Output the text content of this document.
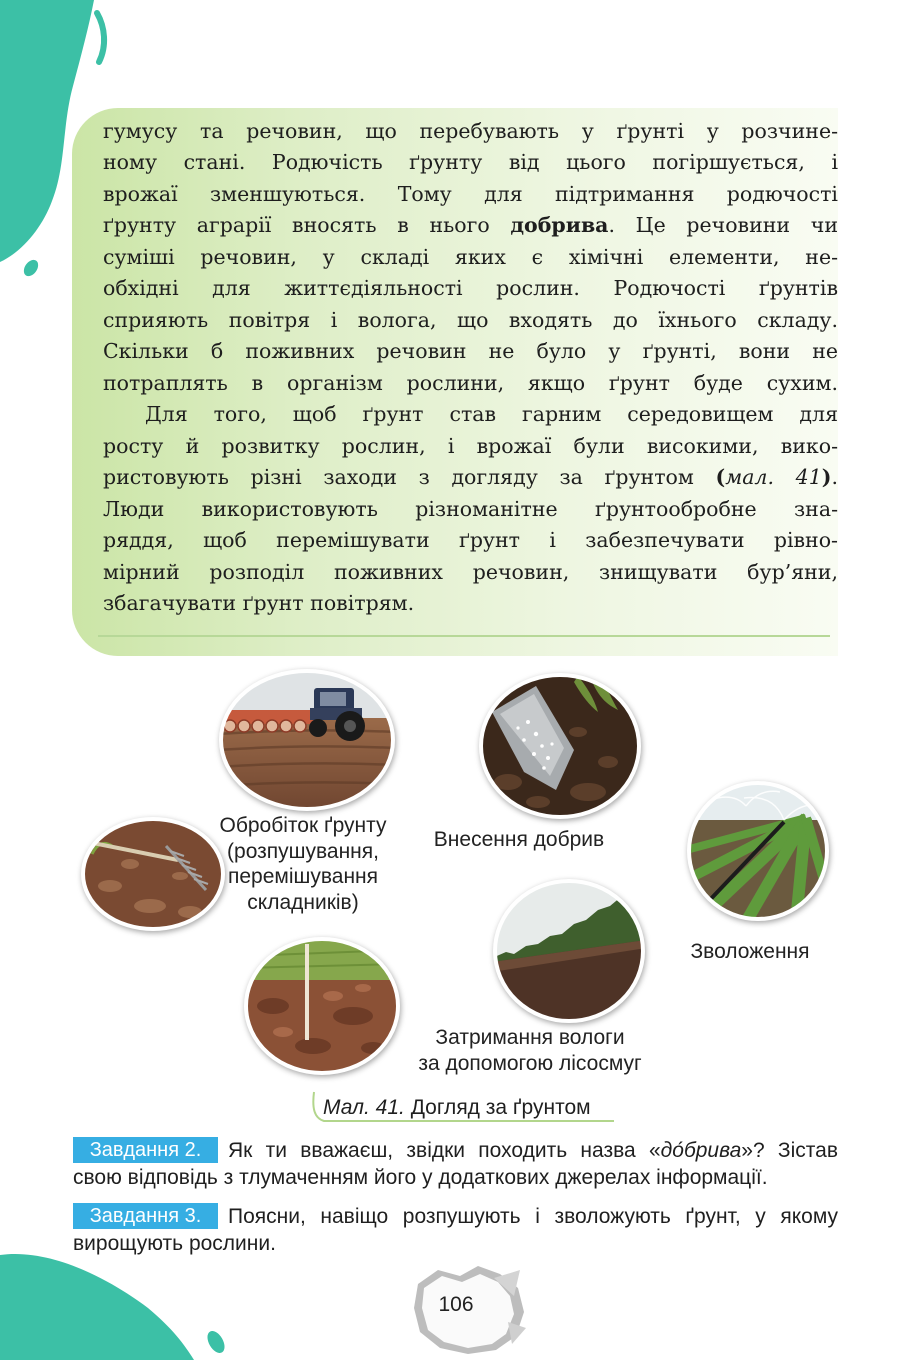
гумусу та речовин, що перебувають у ґрунті у розчине-
ному стані. Родючість ґрунту від цього погіршується, і
врожаї зменшуються. Тому для підтримання родючості
ґрунту аграрії вносять в нього добрива. Це речовини чи
суміші речовин, у складі яких є хімічні елементи, не-
обхідні для життєдіяльності рослин. Родючості ґрунтів
сприяють повітря і волога, що входять до їхнього складу.
Скільки б поживних речовин не було у ґрунті, вони не
потраплять в організм рослини, якщо ґрунт буде сухим.
Для того, щоб ґрунт став гарним середовищем для
росту й розвитку рослин, і врожаї були високими, вико-
ристовують різні заходи з догляду за ґрунтом (мал. 41).
Люди використовують різноманітне ґрунтообробне зна-
ряддя, щоб перемішувати ґрунт і забезпечувати рівно-
мірний розподіл поживних речовин, знищувати бур’яни,
збагачувати ґрунт повітрям.
Обробіток ґрунту
(розпушування,
перемішування
складників)
Внесення добрив
Зволоження
Затримання вологи
за допомогою лісосмуг
Мал. 41. Догляд за ґрунтом
Завдання 2.	Як ти вважаєш, звідки походить назва «до́брива»? Зістав
свою відповідь з тлумаченням його у додаткових джерелах інформації.
Завдання 3.	Поясни, навіщо розпушують і зволожують ґрунт, у якому
вирощують рослини.
106
